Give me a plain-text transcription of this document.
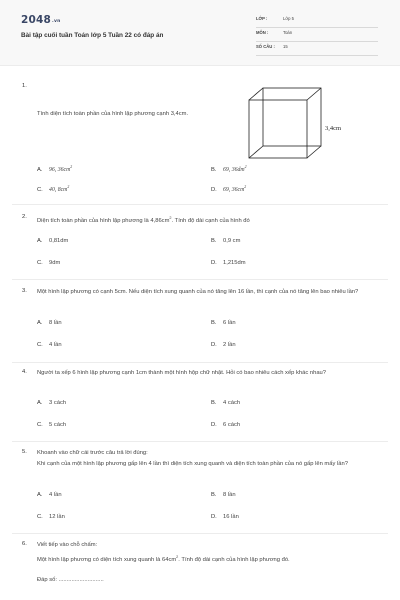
2048.vn
Bài tập cuối tuần Toán lớp 5 Tuần 22 có đáp án
LỚP :	Lớp 5
MÔN :	Toán
SỐ CÂU : 15
1.
Tính diện tích toàn phần của hình lập phương cạnh 3,4cm.
3,4cm
A. 96, $36cm^2$	B. 69, $36dm^2$
C. 40, $8cm^2$	D. 69, $36cm^2$
2.
Diện tích toàn phần của hình lập phương là $4,86cm^2$. Tính độ dài cạnh của hình đó
A. 0,81dm	B. 0,9 cm
C. 9dm	D. 1,215dm
3. Một hình lập phương có cạnh 5cm. Nếu diện tích xung quanh của nó tăng lên 16 lần, thì cạnh của nó tăng lên bao nhiêu lần?
A. 8 lần	B. 6 lần
C. 4 lần	D. 2 lần
4. Người ta xếp 6 hình lập phương cạnh 1cm thành một hình hộp chữ nhật. Hỏi có bao nhiêu cách xếp khác nhau?
A. 3 cách	B. 4 cách
C. 5 cách	D. 6 cách
5. Khoanh vào chữ cái trước câu trả lời đúng:
Khi cạnh của một hình lập phương gấp lên 4 lần thì diện tích xung quanh và diện tích toàn phần của nó gấp lên mấy lần?
A. 4 lần	B. 8 lần
C. 12 lần	D. 16 lần
6. Viết tiếp vào chỗ chấm:
Một hình lập phương có diện tích xung quanh là $64cm^2$. Tính độ dài cạnh của hình lập phương đó.
Đáp số: ............................
